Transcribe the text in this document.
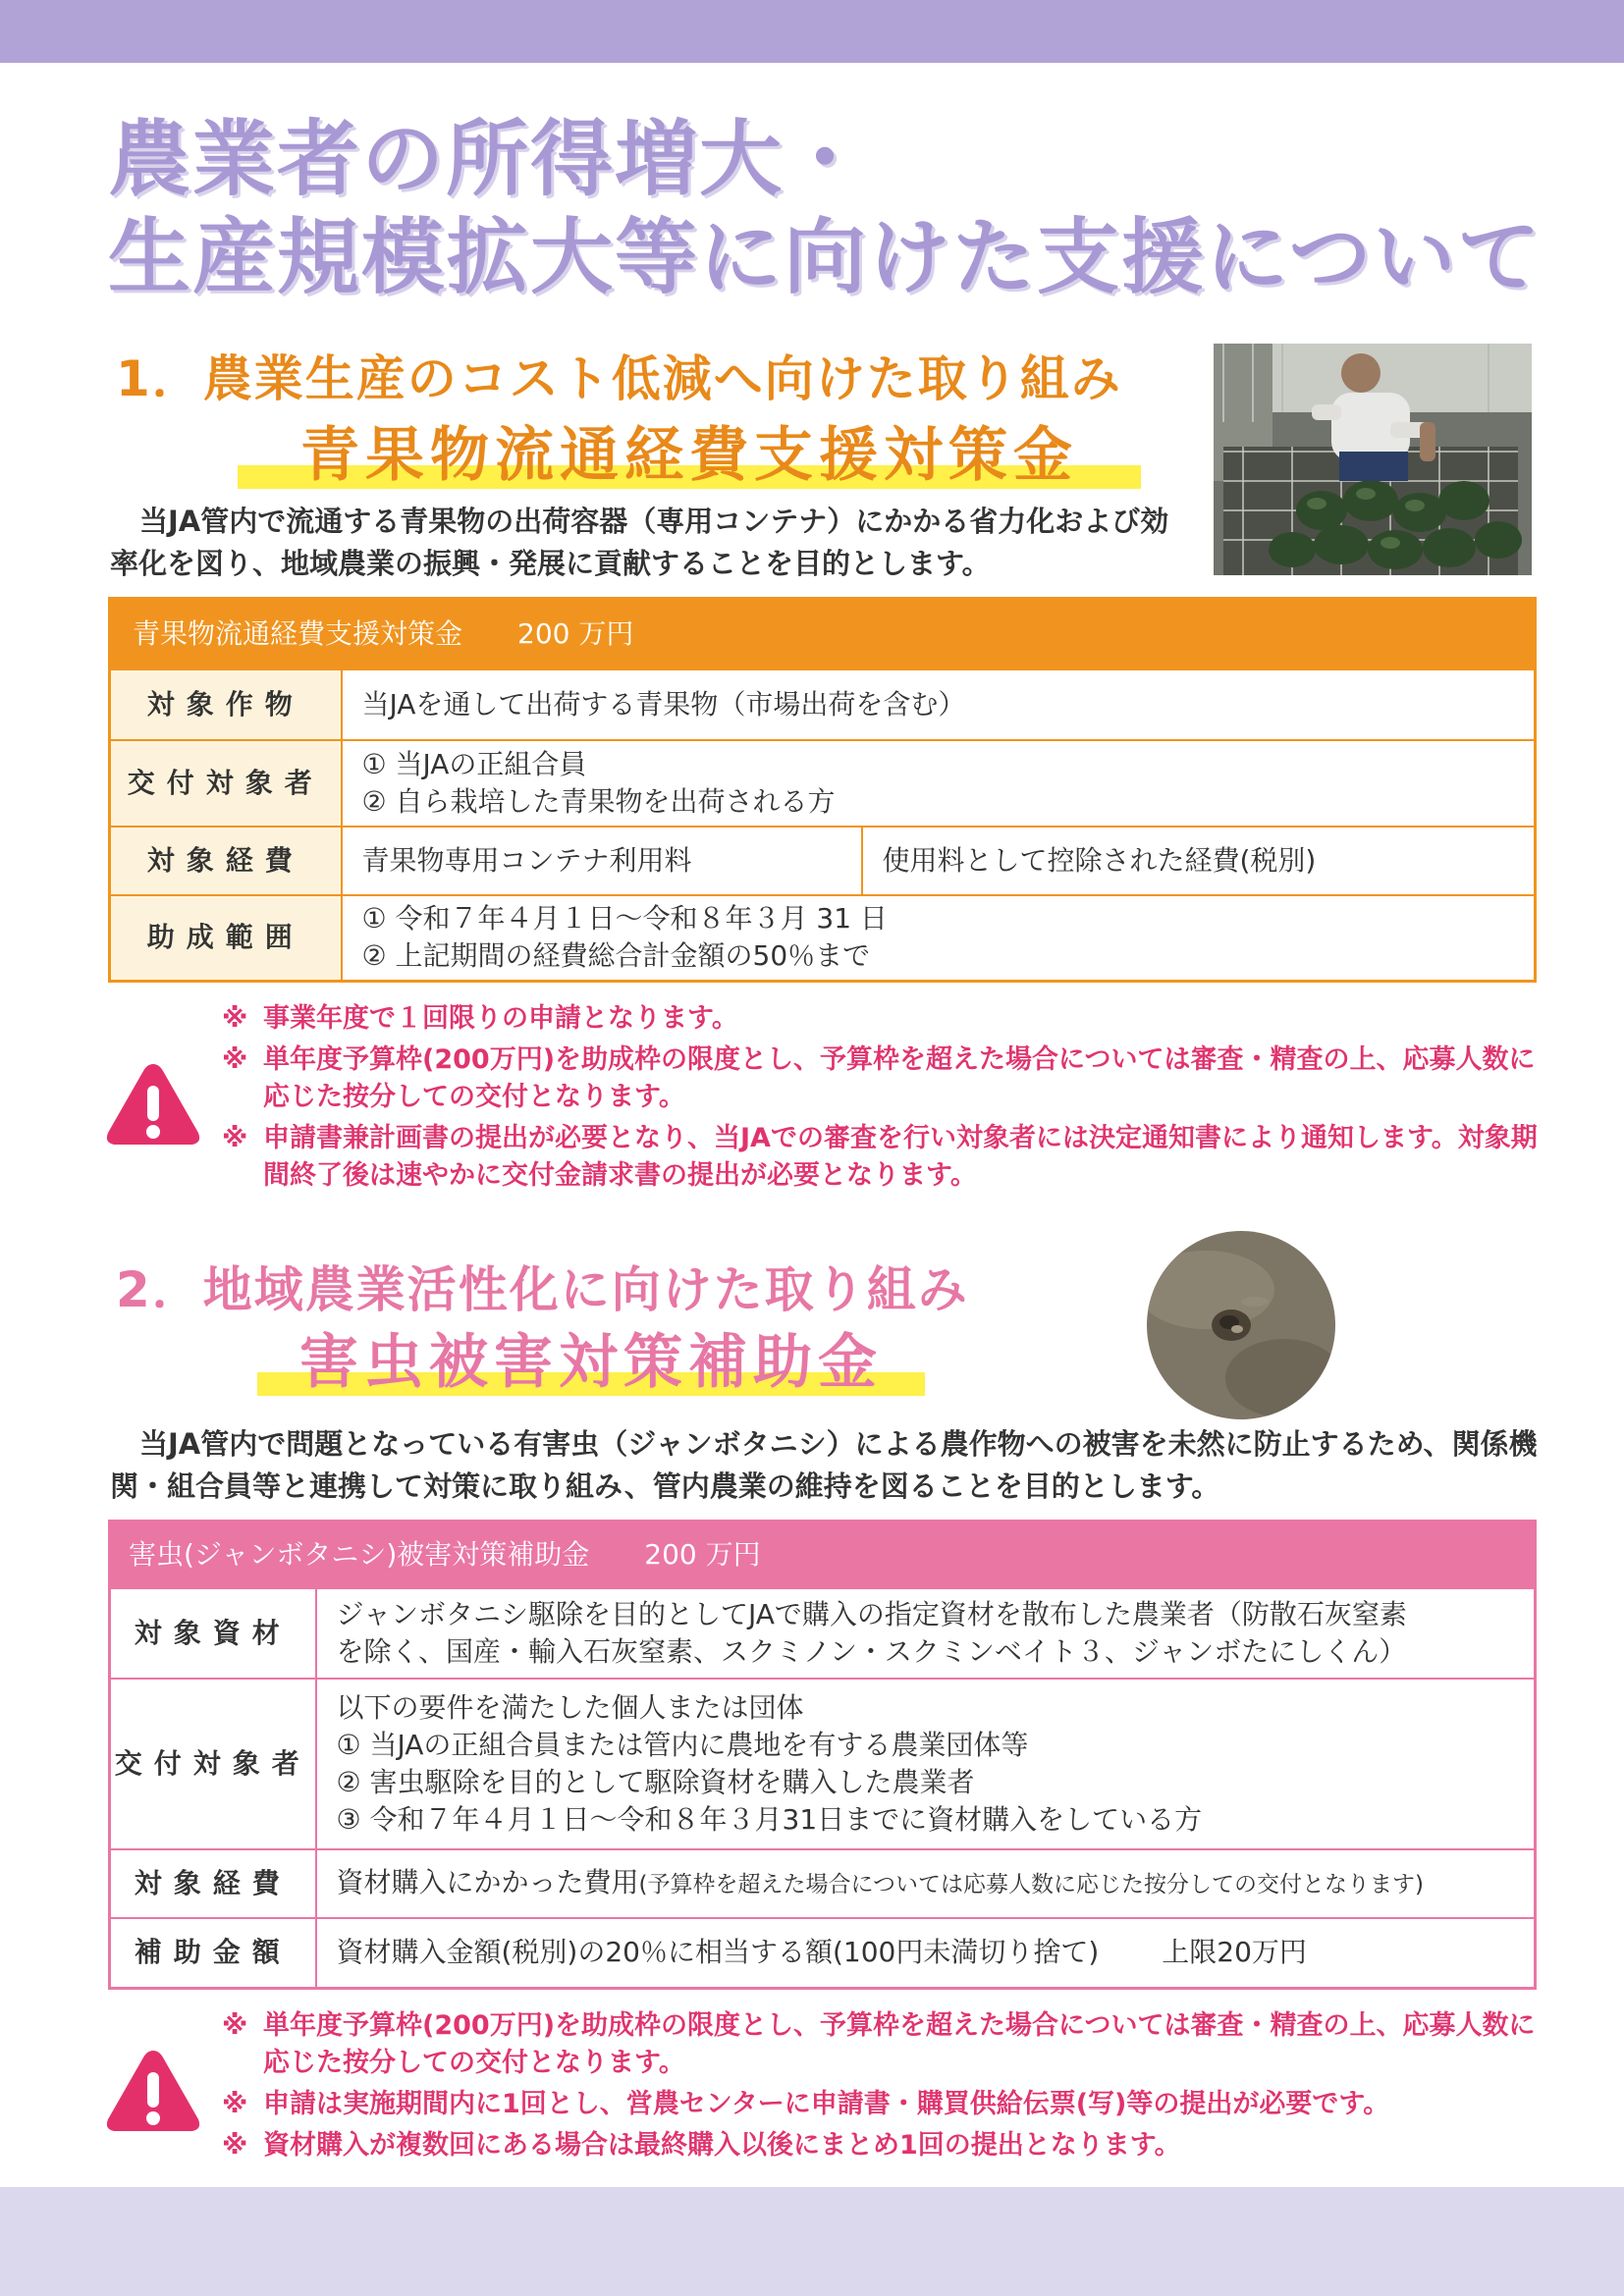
農業者の所得増大・
生産規模拡大等に向けた支援について
1．農業生産のコスト低減へ向けた取り組み
青果物流通経費支援対策金

当JA管内で流通する青果物の出荷容器（専用コンテナ）にかかる省力化および効率化を図り、地域農業の振興・発展に貢献することを目的とします。

青果物流通経費支援対策金 200 万円		
対象作物	当JAを通して出荷する青果物（市場出荷を含む）	
交付対象者	① 当JAの正組合員
② 自ら栽培した青果物を出荷される方	

対象経費	青果物専用コンテナ利用料	使用料として控除された経費(税別)
助成範囲	① 令和７年４月１日～令和８年３月 31 日
② 上記期間の経費総合計金額の50％まで	
※ 事業年度で１回限りの申請となります。
※ 単年度予算枠(200万円)を助成枠の限度とし、予算枠を超えた場合については審査・精査の上、応募人数に応じた按分しての交付となります。
※ 申請書兼計画書の提出が必要となり、当JAでの審査を行い対象者には決定通知書により通知します。対象期間終了後は速やかに交付金請求書の提出が必要となります。
2．地域農業活性化に向けた取り組み
害虫被害対策補助金

当JA管内で問題となっている有害虫（ジャンボタニシ）による農作物への被害を未然に防止するため、関係機関・組合員等と連携して対策に取り組み、管内農業の維持を図ることを目的とします。

害虫(ジャンボタニシ)被害対策補助金 200 万円	
対象資材	ジャンボタニシ駆除を目的としてJAで購入の指定資材を散布した農業者（防散石灰窒素
を除く、国産・輸入石灰窒素、スクミノン・スクミンベイト３、ジャンボたにしくん）

交付対象者	以下の要件を満たした個人または団体
① 当JAの正組合員または管内に農地を有する農業団体等
② 害虫駆除を目的として駆除資材を購入した農業者
③ 令和７年４月１日～令和８年３月31日までに資材購入をしている方

対象経費	資材購入にかかった費用(予算枠を超えた場合については応募人数に応じた按分しての交付となります)
補助金額	資材購入金額(税別)の20％に相当する額(100円未満切り捨て) 上限20万円
※ 単年度予算枠(200万円)を助成枠の限度とし、予算枠を超えた場合については審査・精査の上、応募人数に応じた按分しての交付となります。
※ 申請は実施期間内に1回とし、営農センターに申請書・購買供給伝票(写)等の提出が必要です。
※ 資材購入が複数回にある場合は最終購入以後にまとめ1回の提出となります。
